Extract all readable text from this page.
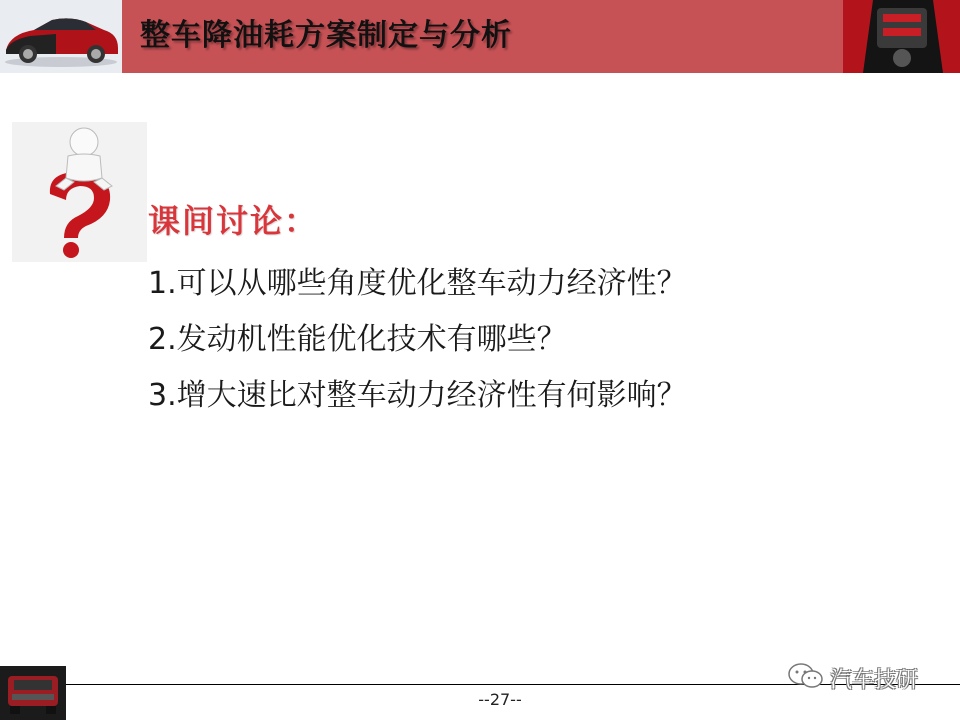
整车降油耗方案制定与分析
课间讨论：
1.可以从哪些角度优化整车动力经济性？
2.发动机性能优化技术有哪些？
3.增大速比对整车动力经济性有何影响？
--27--
汽车技研
